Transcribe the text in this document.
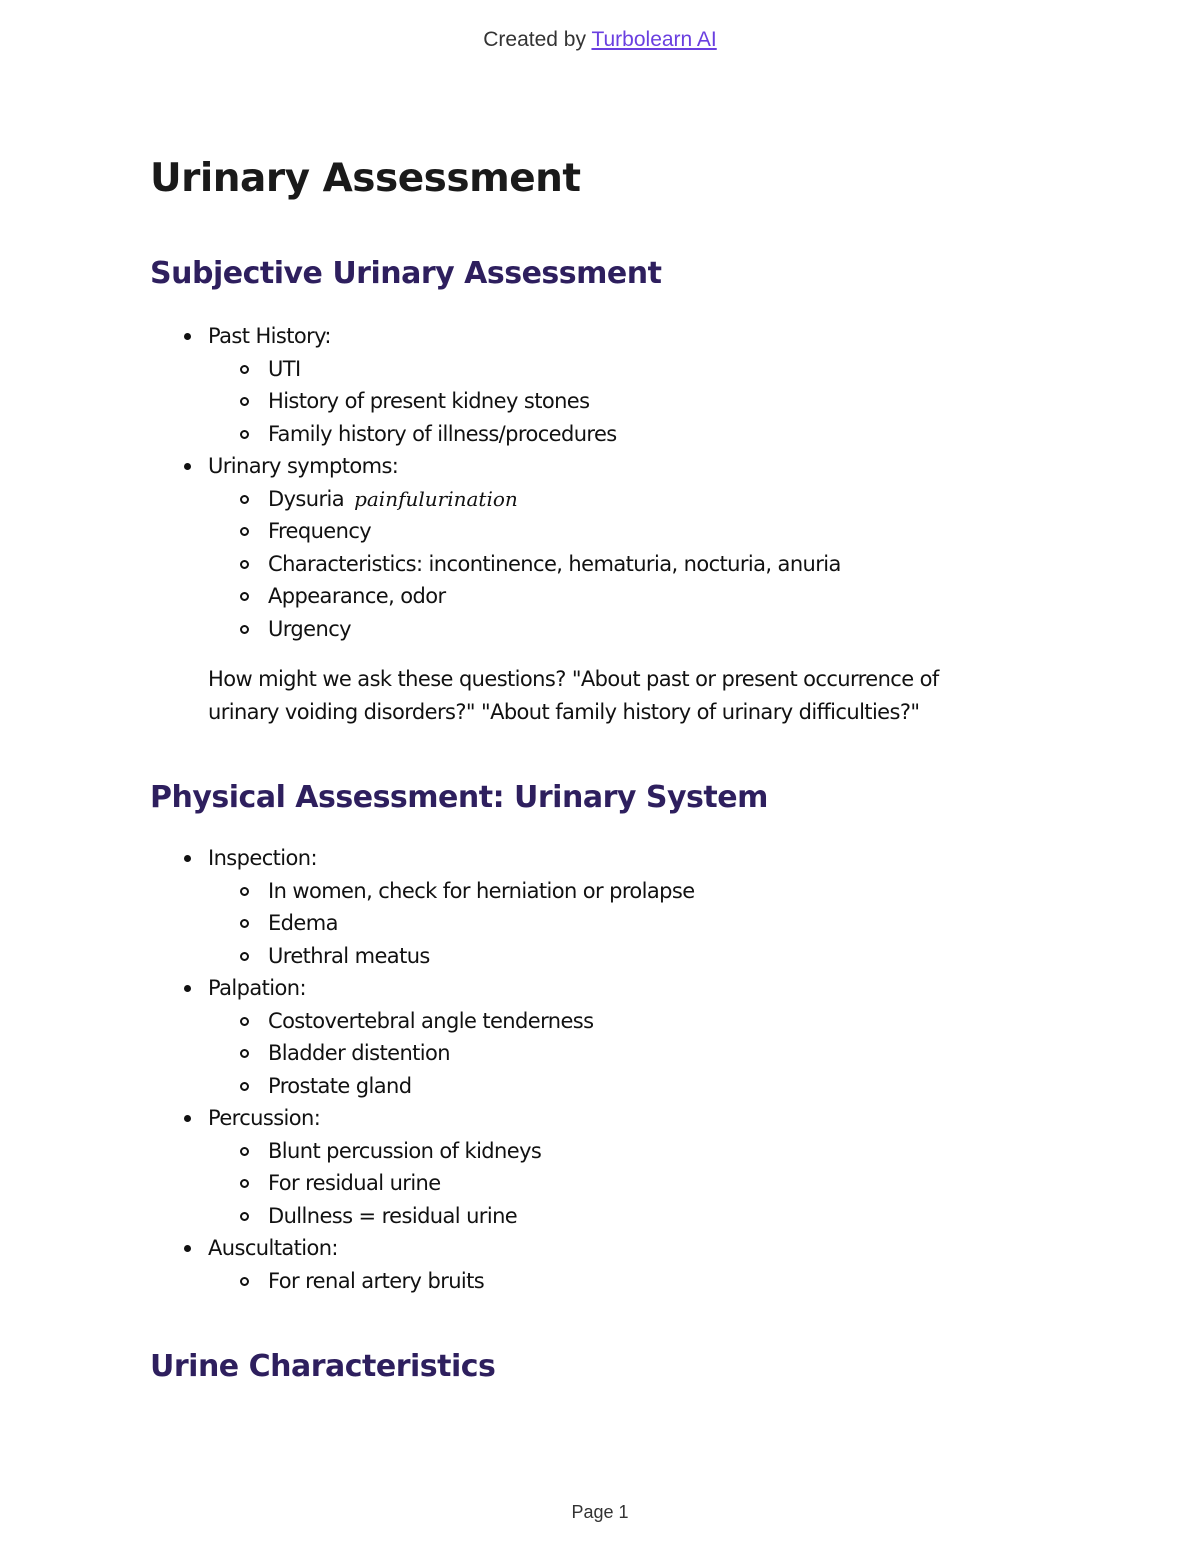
Created by Turbolearn AI
Urinary Assessment
Subjective Urinary Assessment
Past History:
UTI
History of present kidney stones
Family history of illness/procedures
Urinary symptoms:
Dysuria painfulurination
Frequency
Characteristics: incontinence, hematuria, nocturia, anuria
Appearance, odor
Urgency

How might we ask these questions? "About past or present occurrence of urinary voiding disorders?" "About family history of urinary difficulties?"

Physical Assessment: Urinary System
Inspection:
In women, check for herniation or prolapse
Edema
Urethral meatus
Palpation:
Costovertebral angle tenderness
Bladder distention
Prostate gland
Percussion:
Blunt percussion of kidneys
For residual urine
Dullness = residual urine
Auscultation:
For renal artery bruits
Urine Characteristics
Page 1
